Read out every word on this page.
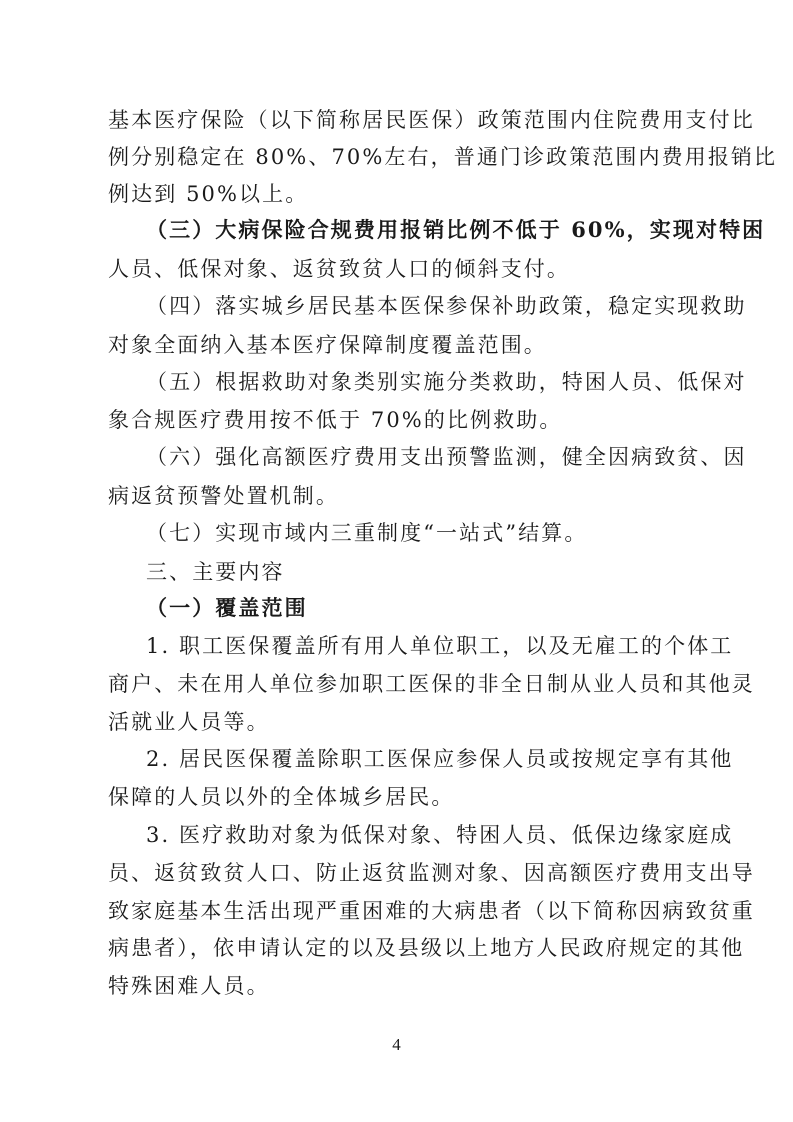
基本医疗保险（以下简称居民医保）政策范围内住院费用支付比
例分别稳定在 80%、70%左右，普通门诊政策范围内费用报销比
例达到 50%以上。
（三）大病保险合规费用报销比例不低于 60%，实现对特困
人员、低保对象、返贫致贫人口的倾斜支付。
（四）落实城乡居民基本医保参保补助政策，稳定实现救助
对象全面纳入基本医疗保障制度覆盖范围。
（五）根据救助对象类别实施分类救助，特困人员、低保对
象合规医疗费用按不低于 70%的比例救助。
（六）强化高额医疗费用支出预警监测，健全因病致贫、因
病返贫预警处置机制。
（七）实现市域内三重制度“一站式”结算。
三、主要内容
（一）覆盖范围
1. 职工医保覆盖所有用人单位职工，以及无雇工的个体工
商户、未在用人单位参加职工医保的非全日制从业人员和其他灵
活就业人员等。
2. 居民医保覆盖除职工医保应参保人员或按规定享有其他
保障的人员以外的全体城乡居民。
3. 医疗救助对象为低保对象、特困人员、低保边缘家庭成
员、返贫致贫人口、防止返贫监测对象、因高额医疗费用支出导
致家庭基本生活出现严重困难的大病患者（以下简称因病致贫重
病患者），依申请认定的以及县级以上地方人民政府规定的其他
特殊困难人员。
4
